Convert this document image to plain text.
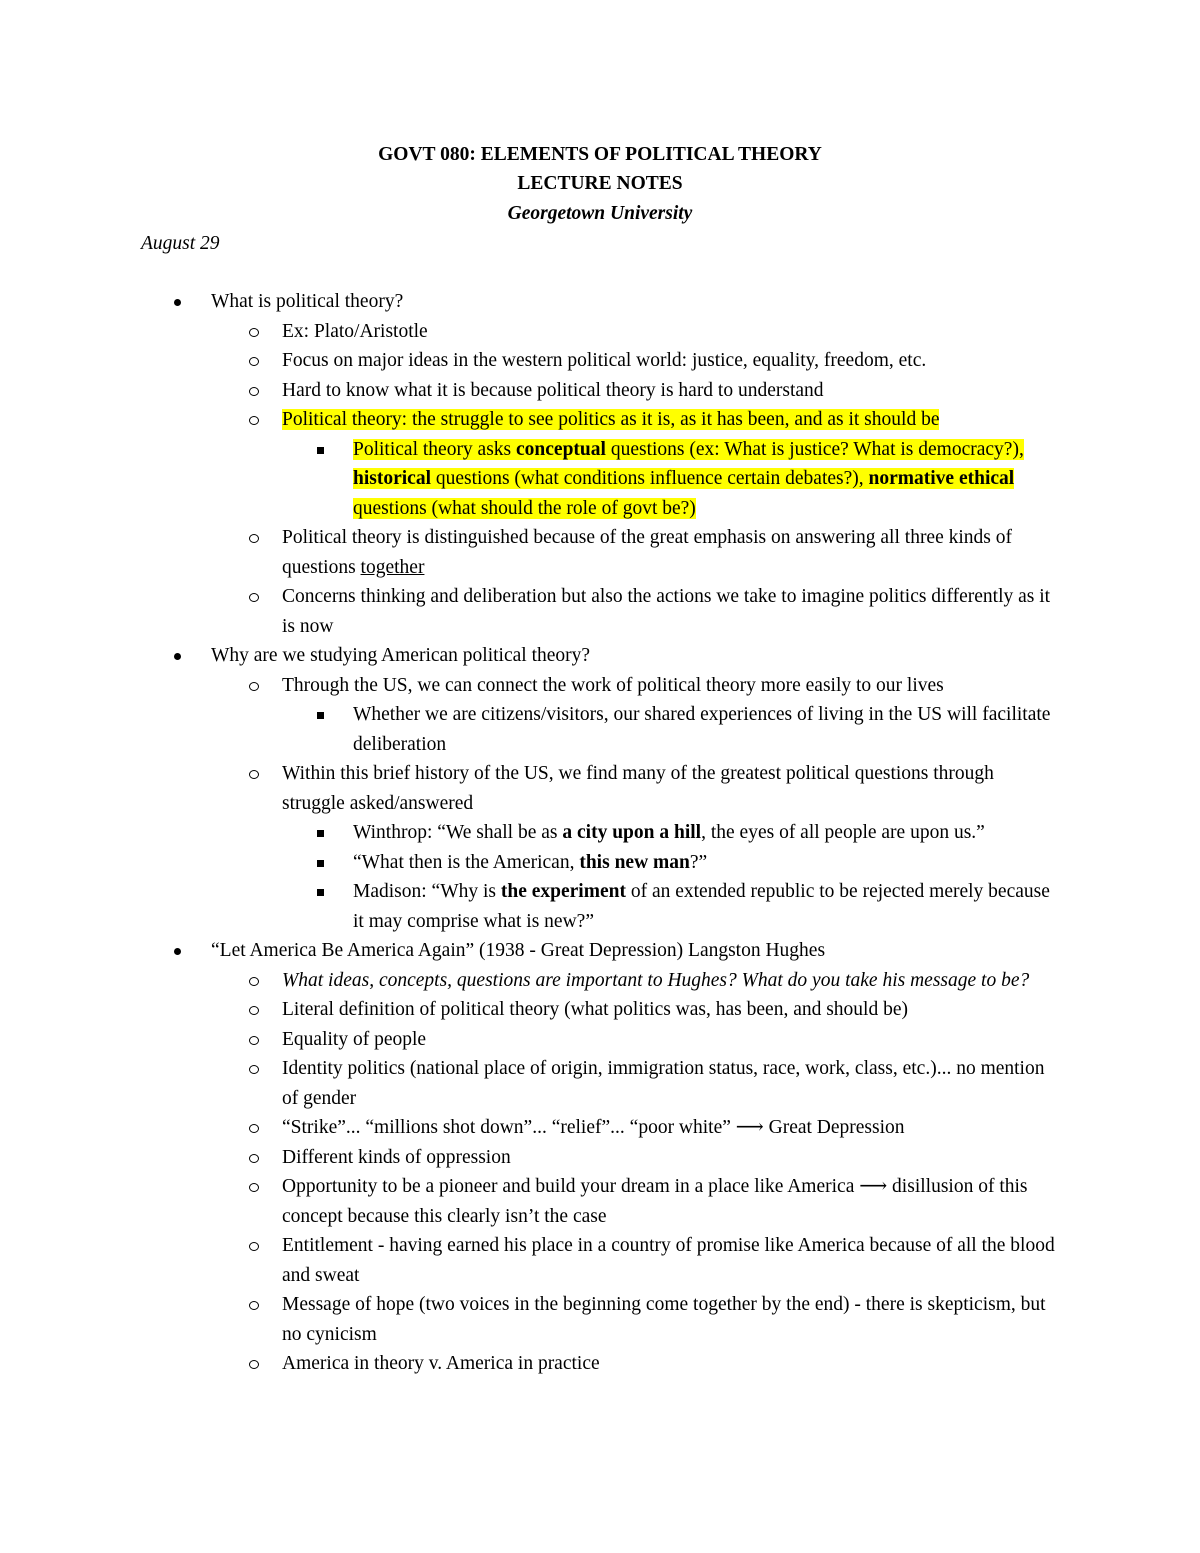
GOVT 080: ELEMENTS OF POLITICAL THEORY
LECTURE NOTES
Georgetown University
August 29
What is political theory?
Ex: Plato/Aristotle
Focus on major ideas in the western political world: justice, equality, freedom, etc.
Hard to know what it is because political theory is hard to understand
Political theory: the struggle to see politics as it is, as it has been, and as it should be
Political theory asks conceptual questions (ex: What is justice? What is democracy?), historical questions (what conditions influence certain debates?), normative ethical questions (what should the role of govt be?)
Political theory is distinguished because of the great emphasis on answering all three kinds of questions together
Concerns thinking and deliberation but also the actions we take to imagine politics differently as it is now
Why are we studying American political theory?
Through the US, we can connect the work of political theory more easily to our lives
Whether we are citizens/visitors, our shared experiences of living in the US will facilitate deliberation
Within this brief history of the US, we find many of the greatest political questions through struggle asked/answered
Winthrop: “We shall be as a city upon a hill, the eyes of all people are upon us.”
“What then is the American, this new man?”
Madison: “Why is the experiment of an extended republic to be rejected merely because it may comprise what is new?”
“Let America Be America Again” (1938 - Great Depression) Langston Hughes
What ideas, concepts, questions are important to Hughes? What do you take his message to be?
Literal definition of political theory (what politics was, has been, and should be)
Equality of people
Identity politics (national place of origin, immigration status, race, work, class, etc.)... no mention of gender
“Strike”... “millions shot down”... “relief”... “poor white” ⟶ Great Depression
Different kinds of oppression
Opportunity to be a pioneer and build your dream in a place like America ⟶ disillusion of this concept because this clearly isn’t the case
Entitlement - having earned his place in a country of promise like America because of all the blood and sweat
Message of hope (two voices in the beginning come together by the end) - there is skepticism, but no cynicism
America in theory v. America in practice
